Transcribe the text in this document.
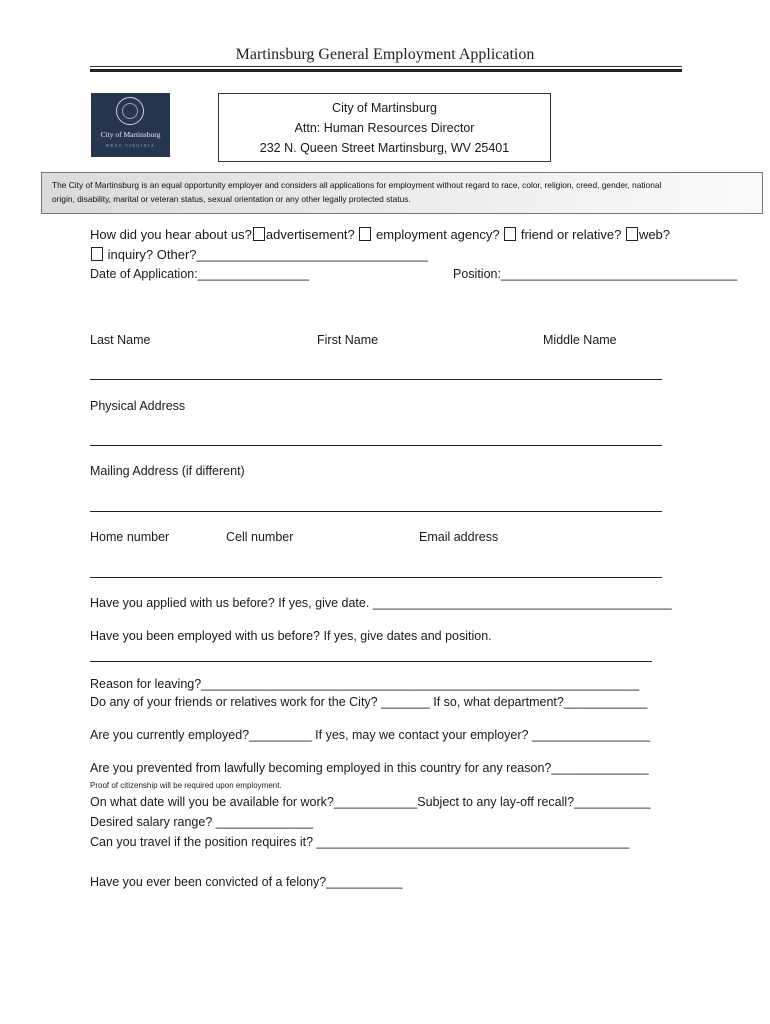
Martinsburg General Employment Application
City of Martinsburg
WEST VIRGINIA
City of Martinsburg
Attn: Human Resources Director
232 N. Queen Street Martinsburg, WV 25401
The City of Martinsburg is an equal opportunity employer and considers all applications for employment without regard to race, color, religion, creed, gender, national
origin, disability, marital or veteran status, sexual orientation or any other legally protected status.
How did you hear about us? advertisement? employment agency? friend or relative? web?
inquiry? Other?________________________________
Date of Application:________________	Position:__________________________________
Last Name	First Name	Middle Name
Physical Address
Mailing Address (if different)
Home number	Cell number	Email address
Have you applied with us before? If yes, give date. ___________________________________________
Have you been employed with us before? If yes, give dates and position.
Reason for leaving?_______________________________________________________________
Do any of your friends or relatives work for the City? _______ If so, what department?____________
Are you currently employed?_________ If yes, may we contact your employer? _________________
Are you prevented from lawfully becoming employed in this country for any reason?______________
Proof of citizenship will be required upon employment.
On what date will you be available for work?____________Subject to any lay-off recall?___________
Desired salary range? ______________
Can you travel if the position requires it? _____________________________________________
Have you ever been convicted of a felony?___________
